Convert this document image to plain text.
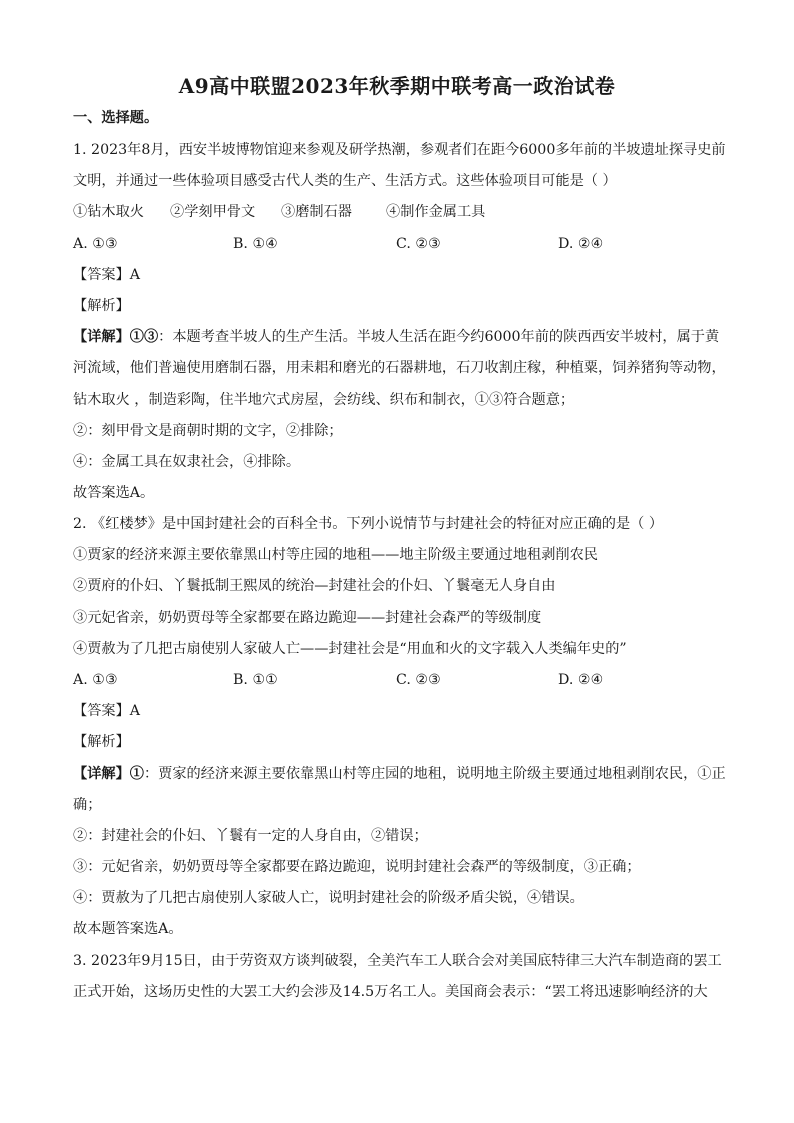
A9高中联盟2023年秋季期中联考高一政治试卷
一、选择题。
1. 2023年8月，西安半坡博物馆迎来参观及研学热潮，参观者们在距今6000多年前的半坡遗址探寻史前
文明，并通过一些体验项目感受古代人类的生产、生活方式。这些体验项目可能是（ ）
①钻木取火 ②学刻甲骨文 ③磨制石器 ④制作金属工具
A. ①③	B. ①④	C. ②③	D. ②④
【答案】A
【解析】
【详解】①③：本题考查半坡人的生产生活。半坡人生活在距今约6000年前的陕西西安半坡村，属于黄
河流域，他们普遍使用磨制石器，用耒耜和磨光的石器耕地，石刀收割庄稼，种植粟，饲养猪狗等动物，
钻木取火 ，制造彩陶，住半地穴式房屋，会纺线、织布和制衣，①③符合题意；
②：刻甲骨文是商朝时期的文字，②排除；
④：金属工具在奴隶社会，④排除。
故答案选A。
2. 《红楼梦》是中国封建社会的百科全书。下列小说情节与封建社会的特征对应正确的是（ ）
①贾家的经济来源主要依靠黑山村等庄园的地租——地主阶级主要通过地租剥削农民
②贾府的仆妇、丫鬟抵制王熙凤的统治—封建社会的仆妇、丫鬟毫无人身自由
③元妃省亲，奶奶贾母等全家都要在路边跪迎——封建社会森严的等级制度
④贾赦为了几把古扇使别人家破人亡——封建社会是“用血和火的文字载入人类编年史的”
A. ①③	B. ①①	C. ②③	D. ②④
【答案】A
【解析】
【详解】①：贾家的经济来源主要依靠黑山村等庄园的地租，说明地主阶级主要通过地租剥削农民，①正
确；
②：封建社会的仆妇、丫鬟有一定的人身自由，②错误；
③：元妃省亲，奶奶贾母等全家都要在路边跪迎，说明封建社会森严的等级制度，③正确；
④：贾赦为了几把古扇使别人家破人亡，说明封建社会的阶级矛盾尖锐，④错误。
故本题答案选A。
3. 2023年9月15日，由于劳资双方谈判破裂，全美汽车工人联合会对美国底特律三大汽车制造商的罢工
正式开始，这场历史性的大罢工大约会涉及14.5万名工人。美国商会表示：“罢工将迅速影响经济的大
